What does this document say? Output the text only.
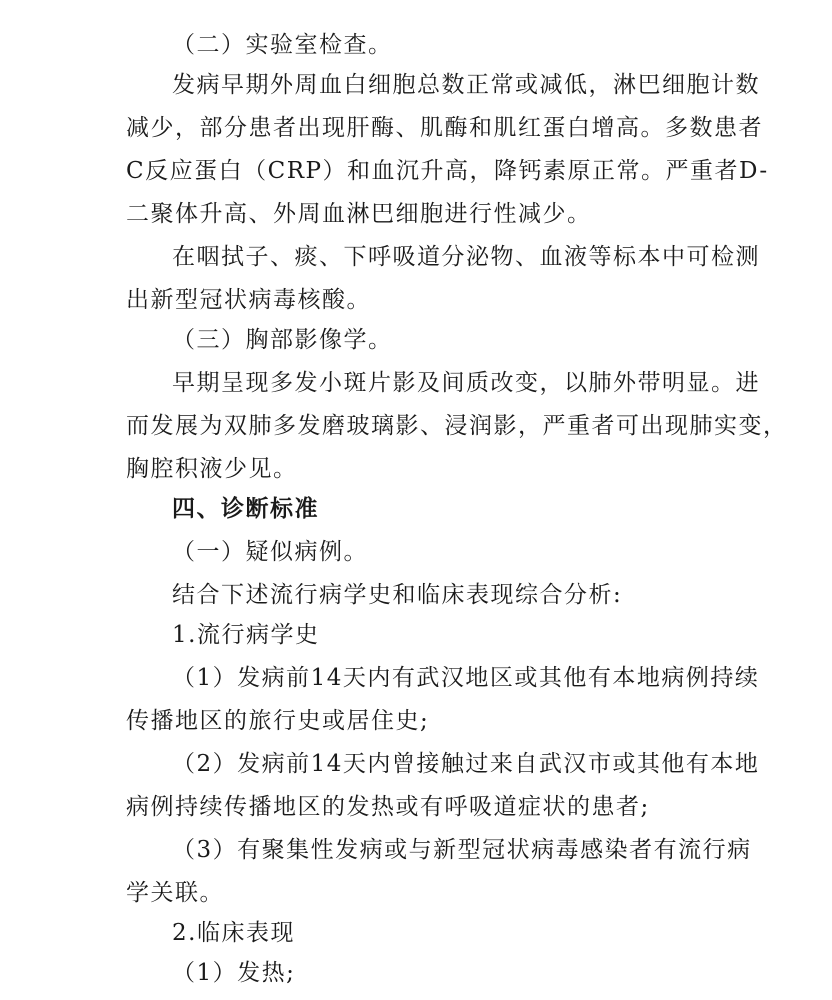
（二）实验室检查。
发病早期外周血白细胞总数正常或减低，淋巴细胞计数
减少，部分患者出现肝酶、肌酶和肌红蛋白增高。多数患者
C反应蛋白（CRP）和血沉升高，降钙素原正常。严重者D-
二聚体升高、外周血淋巴细胞进行性减少。
在咽拭子、痰、下呼吸道分泌物、血液等标本中可检测
出新型冠状病毒核酸。
（三）胸部影像学。
早期呈现多发小斑片影及间质改变，以肺外带明显。进
而发展为双肺多发磨玻璃影、浸润影，严重者可出现肺实变，
胸腔积液少见。
四、诊断标准
（一）疑似病例。
结合下述流行病学史和临床表现综合分析:
1.流行病学史
（1）发病前14天内有武汉地区或其他有本地病例持续
传播地区的旅行史或居住史;
（2）发病前14天内曾接触过来自武汉市或其他有本地
病例持续传播地区的发热或有呼吸道症状的患者;
（3）有聚集性发病或与新型冠状病毒感染者有流行病
学关联。
2.临床表现
（1）发热;
